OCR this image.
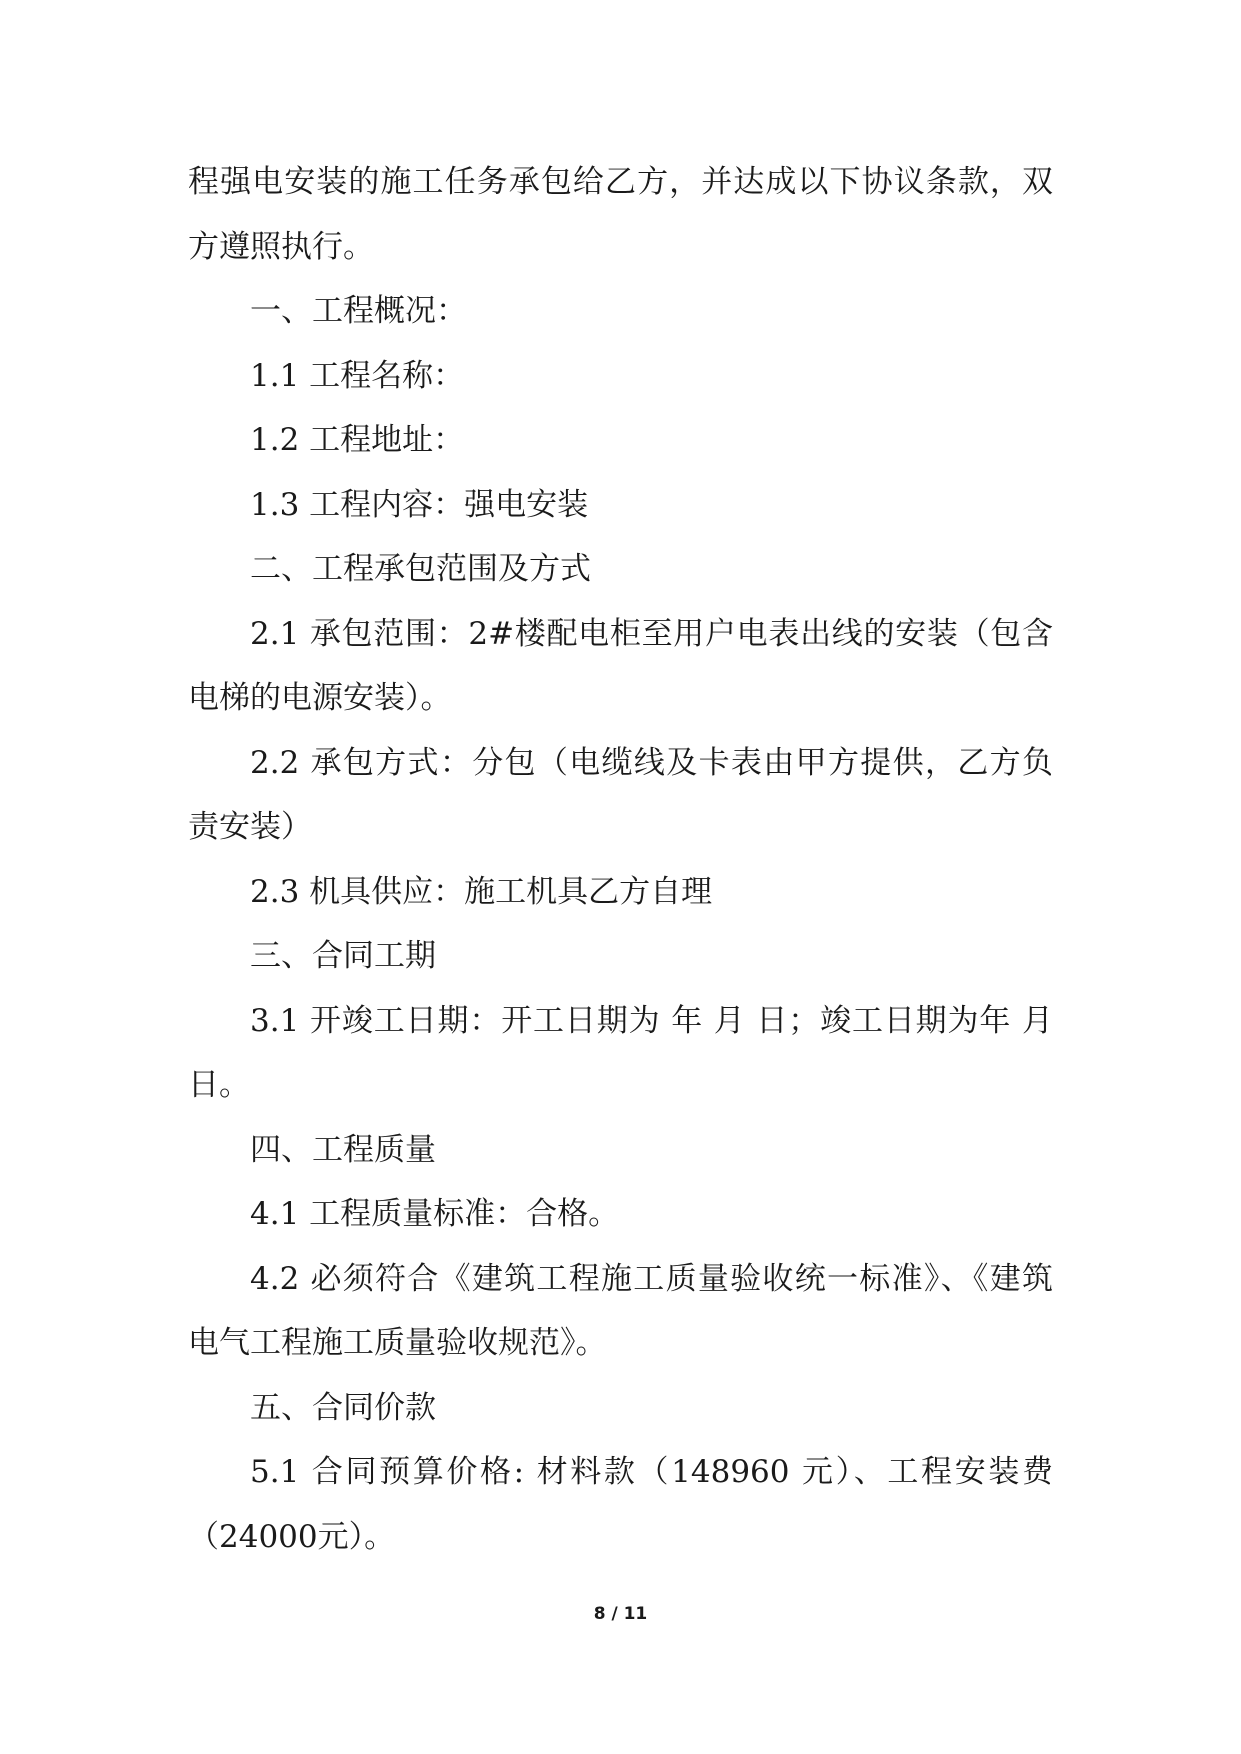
程强电安装的施工任务承包给乙方，并达成以下协议条款，双方遵照执行。

一、工程概况：

1.1 工程名称：

1.2 工程地址：

1.3 工程内容：强电安装

二、工程承包范围及方式

2.1 承包范围：2#楼配电柜至用户电表出线的安装（包含电梯的电源安装）。

2.2 承包方式：分包（电缆线及卡表由甲方提供，乙方负责安装）

2.3 机具供应：施工机具乙方自理

三、合同工期

3.1 开竣工日期：开工日期为 年 月 日；竣工日期为年 月日。

四、工程质量

4.1 工程质量标准：合格。

4.2 必须符合《建筑工程施工质量验收统一标准》、《建筑电气工程施工质量验收规范》。

五、合同价款

5.1 合同预算价格: 材料款（148960 元）、工程安装费（24000元）。

8 / 11
